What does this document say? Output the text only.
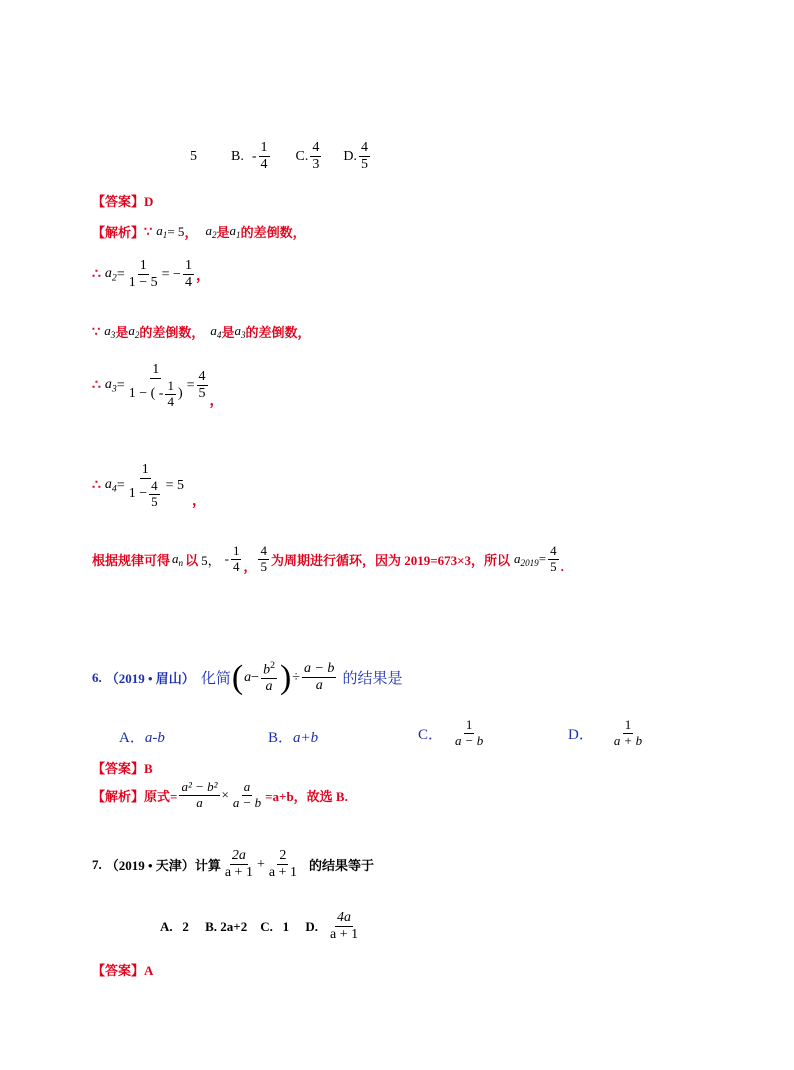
5 B. - $\frac{1}{4} C$. $\frac{4}{3} D$. $\frac{4}{5}$
【答案】D
【解析】 ∵ $a_1 = 5$ ， $a_2$ 是 $a_1$ 的差倒数，
∴ $a_2 = \frac{1}{1 - 5}$ = − $\frac{1}{4}$ ，
∵ $a_3$ 是 $a_2$ 的差倒数， $a_4$ 是 $a_3$ 的差倒数，
∴ $a_3 = \frac{1}{1 - ( - \frac{1}{4} )} = \frac{4}{5}$ ，
∴ $a_4 = \frac{1}{1 - \frac{4}{5}} = 5$
，
根据规律可得 $a_n$ 以 5， - $\frac{1}{4}$ ， $\frac{4}{5}$ 为周期进行循环，因为 2019=673×3，所以 $a_{2019} = \frac{4}{5}$ .
6. （2019 • 眉山） 化简 ( $a - \frac{b^2}{a}$ ) ÷ $\frac{a - b}{a}$ 的结果是
A．a-b	B．a+b	C． $\frac{1}{a - b}$	D． $\frac{1}{a + b}$
【答案】B
【解析】 原式= $\frac{\text{a² − b²}}{a} \times \frac{a}{a - b} =a+b$，故选 B.
7. （2019 • 天津） 计算 $\frac{2a}{a + 1} + \frac{2}{a + 1}$ 的结果等于
A.   2     B. 2a+2    C.   1     D. $\frac{4a}{a + 1}$
【答案】A
